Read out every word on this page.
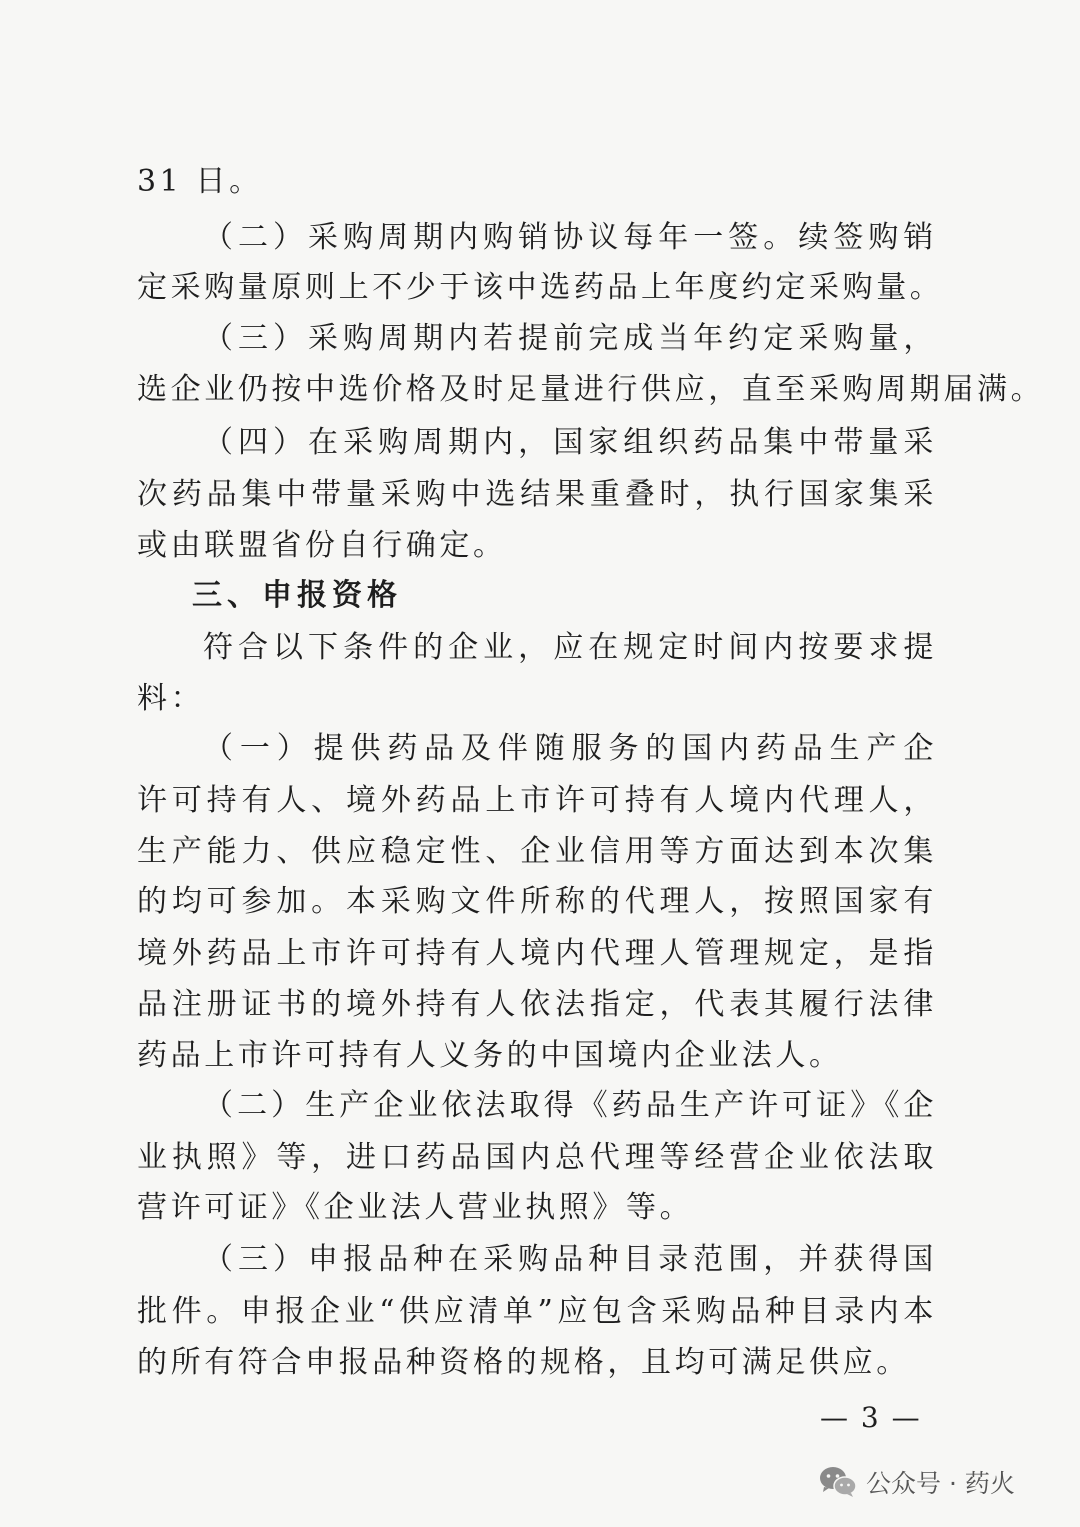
31 日。
（二）采购周期内购销协议每年一签。续签购销
定采购量原则上不少于该中选药品上年度约定采购量。
（三）采购周期内若提前完成当年约定采购量，
选企业仍按中选价格及时足量进行供应，直至采购周期届满。
（四）在采购周期内，国家组织药品集中带量采
次药品集中带量采购中选结果重叠时，执行国家集采
或由联盟省份自行确定。
三、申报资格
符合以下条件的企业，应在规定时间内按要求提
料：
（一）提供药品及伴随服务的国内药品生产企
许可持有人、境外药品上市许可持有人境内代理人，
生产能力、供应稳定性、企业信用等方面达到本次集
的均可参加。本采购文件所称的代理人，按照国家有
境外药品上市许可持有人境内代理人管理规定，是指
品注册证书的境外持有人依法指定，代表其履行法律
药品上市许可持有人义务的中国境内企业法人。
（二）生产企业依法取得《药品生产许可证》《企
业执照》等，进口药品国内总代理等经营企业依法取
营许可证》《企业法人营业执照》等。
（三）申报品种在采购品种目录范围，并获得国
批件。申报企业“供应清单”应包含采购品种目录内本
的所有符合申报品种资格的规格，且均可满足供应。
— 3 —
公众号 · 药火
